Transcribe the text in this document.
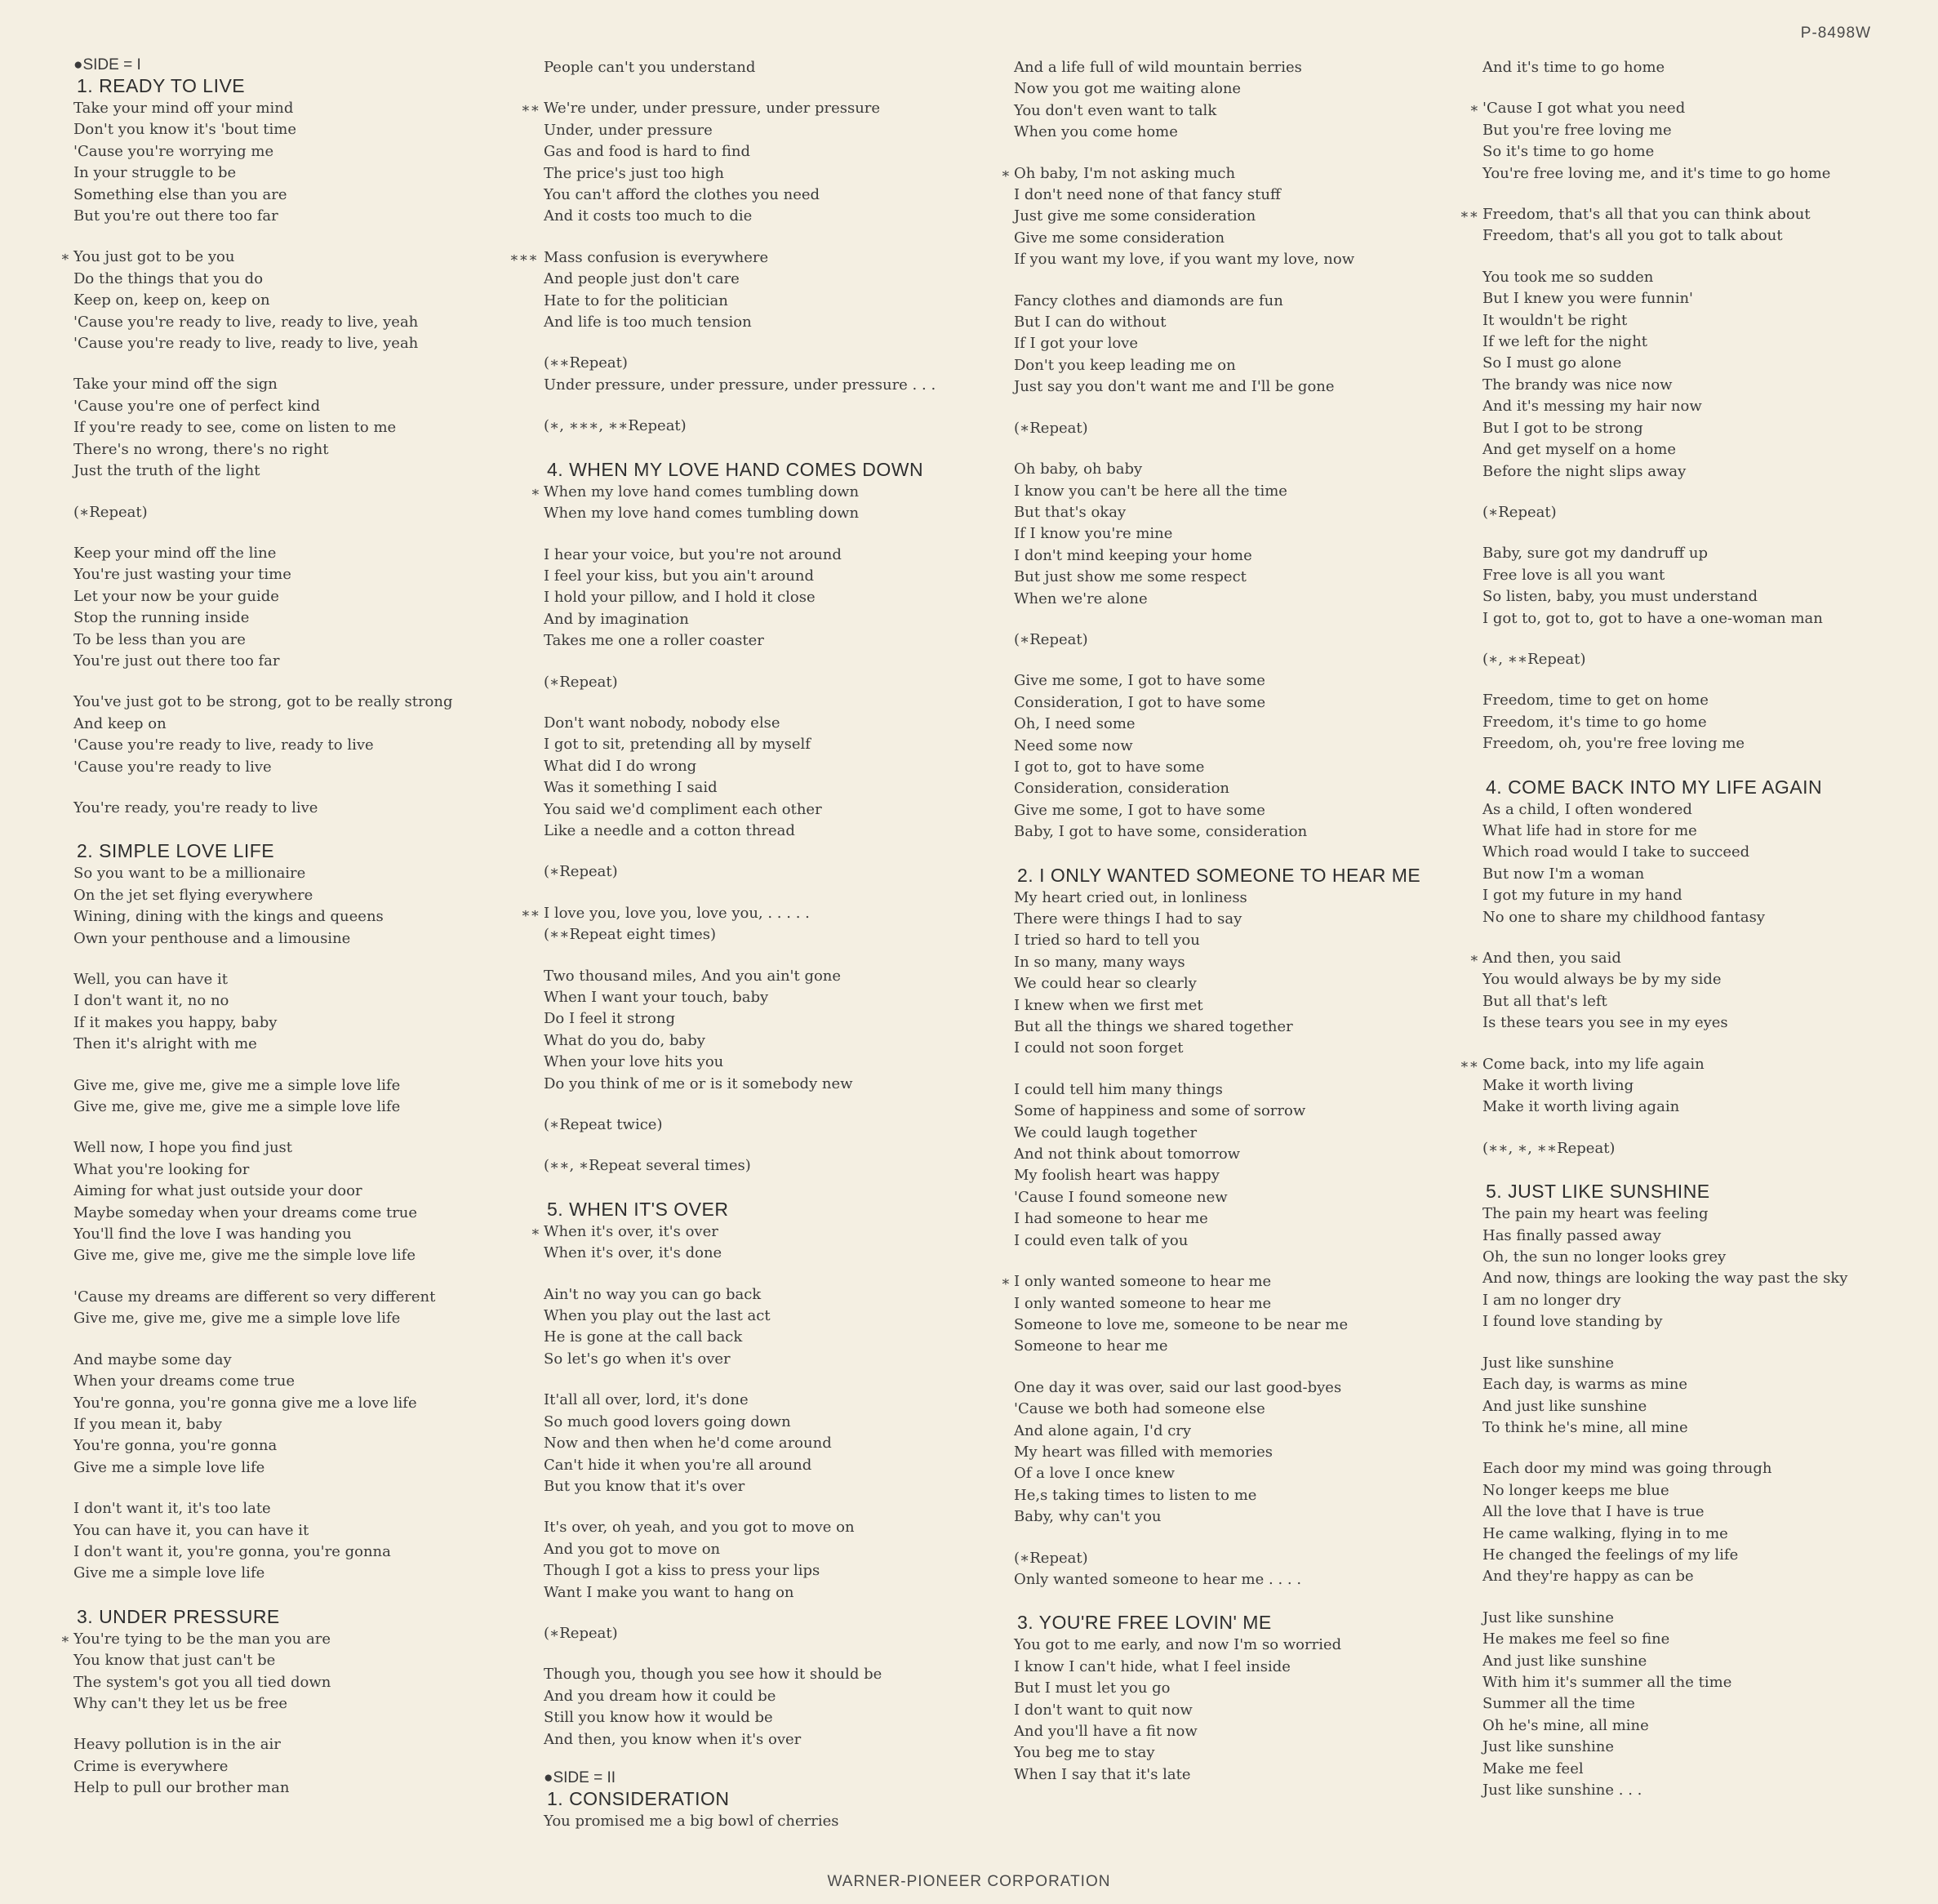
P-8498W
●SIDE = I
1. READY TO LIVE
Take your mind off your mind
Don't you know it's 'bout time
'Cause you're worrying me
In your struggle to be
Something else than you are
But you're out there too far
∗ You just got to be you
Do the things that you do
Keep on, keep on, keep on
'Cause you're ready to live, ready to live, yeah
'Cause you're ready to live, ready to live, yeah
Take your mind off the sign
'Cause you're one of perfect kind
If you're ready to see, come on listen to me
There's no wrong, there's no right
Just the truth of the light
(∗Repeat)
Keep your mind off the line
You're just wasting your time
Let your now be your guide
Stop the running inside
To be less than you are
You're just out there too far
You've just got to be strong, got to be really strong
And keep on
'Cause you're ready to live, ready to live
'Cause you're ready to live
You're ready, you're ready to live
2. SIMPLE LOVE LIFE
So you want to be a millionaire
On the jet set flying everywhere
Wining, dining with the kings and queens
Own your penthouse and a limousine
Well, you can have it
I don't want it, no no
If it makes you happy, baby
Then it's alright with me
Give me, give me, give me a simple love life
Give me, give me, give me a simple love life
Well now, I hope you find just
What you're looking for
Aiming for what just outside your door
Maybe someday when your dreams come true
You'll find the love I was handing you
Give me, give me, give me the simple love life
'Cause my dreams are different so very different
Give me, give me, give me a simple love life
And maybe some day
When your dreams come true
You're gonna, you're gonna give me a love life
If you mean it, baby
You're gonna, you're gonna
Give me a simple love life
I don't want it, it's too late
You can have it, you can have it
I don't want it, you're gonna, you're gonna
Give me a simple love life
3. UNDER PRESSURE
∗ You're tying to be the man you are
You know that just can't be
The system's got you all tied down
Why can't they let us be free
Heavy pollution is in the air
Crime is everywhere
Help to pull our brother man
People can't you understand
∗∗ We're under, under pressure, under pressure
Under, under pressure
Gas and food is hard to find
The price's just too high
You can't afford the clothes you need
And it costs too much to die
∗∗∗ Mass confusion is everywhere
And people just don't care
Hate to for the politician
And life is too much tension
(∗∗Repeat)
Under pressure, under pressure, under pressure . . .
(∗, ∗∗∗, ∗∗Repeat)
4. WHEN MY LOVE HAND COMES DOWN
∗ When my love hand comes tumbling down
When my love hand comes tumbling down
I hear your voice, but you're not around
I feel your kiss, but you ain't around
I hold your pillow, and I hold it close
And by imagination
Takes me one a roller coaster
(∗Repeat)
Don't want nobody, nobody else
I got to sit, pretending all by myself
What did I do wrong
Was it something I said
You said we'd compliment each other
Like a needle and a cotton thread
(∗Repeat)
∗∗ I love you, love you, love you, . . . . .
(∗∗Repeat eight times)
Two thousand miles, And you ain't gone
When I want your touch, baby
Do I feel it strong
What do you do, baby
When your love hits you
Do you think of me or is it somebody new
(∗Repeat twice)
(∗∗, ∗Repeat several times)
5. WHEN IT'S OVER
∗ When it's over, it's over
When it's over, it's done
Ain't no way you can go back
When you play out the last act
He is gone at the call back
So let's go when it's over
It'all all over, lord, it's done
So much good lovers going down
Now and then when he'd come around
Can't hide it when you're all around
But you know that it's over
It's over, oh yeah, and you got to move on
And you got to move on
Though I got a kiss to press your lips
Want I make you want to hang on
(∗Repeat)
Though you, though you see how it should be
And you dream how it could be
Still you know how it would be
And then, you know when it's over
●SIDE = II
1. CONSIDERATION
You promised me a big bowl of cherries
And a life full of wild mountain berries
Now you got me waiting alone
You don't even want to talk
When you come home
∗ Oh baby, I'm not asking much
I don't need none of that fancy stuff
Just give me some consideration
Give me some consideration
If you want my love, if you want my love, now
Fancy clothes and diamonds are fun
But I can do without
If I got your love
Don't you keep leading me on
Just say you don't want me and I'll be gone
(∗Repeat)
Oh baby, oh baby
I know you can't be here all the time
But that's okay
If I know you're mine
I don't mind keeping your home
But just show me some respect
When we're alone
(∗Repeat)
Give me some, I got to have some
Consideration, I got to have some
Oh, I need some
Need some now
I got to, got to have some
Consideration, consideration
Give me some, I got to have some
Baby, I got to have some, consideration
2. I ONLY WANTED SOMEONE TO HEAR ME
My heart cried out, in lonliness
There were things I had to say
I tried so hard to tell you
In so many, many ways
We could hear so clearly
I knew when we first met
But all the things we shared together
I could not soon forget
I could tell him many things
Some of happiness and some of sorrow
We could laugh together
And not think about tomorrow
My foolish heart was happy
'Cause I found someone new
I had someone to hear me
I could even talk of you
∗ I only wanted someone to hear me
I only wanted someone to hear me
Someone to love me, someone to be near me
Someone to hear me
One day it was over, said our last good-byes
'Cause we both had someone else
And alone again, I'd cry
My heart was filled with memories
Of a love I once knew
He,s taking times to listen to me
Baby, why can't you
(∗Repeat)
Only wanted someone to hear me . . . .
3. YOU'RE FREE LOVIN' ME
You got to me early, and now I'm so worried
I know I can't hide, what I feel inside
But I must let you go
I don't want to quit now
And you'll have a fit now
You beg me to stay
When I say that it's late
And it's time to go home
∗ 'Cause I got what you need
But you're free loving me
So it's time to go home
You're free loving me, and it's time to go home
∗∗ Freedom, that's all that you can think about
Freedom, that's all you got to talk about
You took me so sudden
But I knew you were funnin'
It wouldn't be right
If we left for the night
So I must go alone
The brandy was nice now
And it's messing my hair now
But I got to be strong
And get myself on a home
Before the night slips away
(∗Repeat)
Baby, sure got my dandruff up
Free love is all you want
So listen, baby, you must understand
I got to, got to, got to have a one-woman man
(∗, ∗∗Repeat)
Freedom, time to get on home
Freedom, it's time to go home
Freedom, oh, you're free loving me
4. COME BACK INTO MY LIFE AGAIN
As a child, I often wondered
What life had in store for me
Which road would I take to succeed
But now I'm a woman
I got my future in my hand
No one to share my childhood fantasy
∗ And then, you said
You would always be by my side
But all that's left
Is these tears you see in my eyes
∗∗ Come back, into my life again
Make it worth living
Make it worth living again
(∗∗, ∗, ∗∗Repeat)
5. JUST LIKE SUNSHINE
The pain my heart was feeling
Has finally passed away
Oh, the sun no longer looks grey
And now, things are looking the way past the sky
I am no longer dry
I found love standing by
Just like sunshine
Each day, is warms as mine
And just like sunshine
To think he's mine, all mine
Each door my mind was going through
No longer keeps me blue
All the love that I have is true
He came walking, flying in to me
He changed the feelings of my life
And they're happy as can be
Just like sunshine
He makes me feel so fine
And just like sunshine
With him it's summer all the time
Summer all the time
Oh he's mine, all mine
Just like sunshine
Make me feel
Just like sunshine . . .
WARNER-PIONEER CORPORATION
